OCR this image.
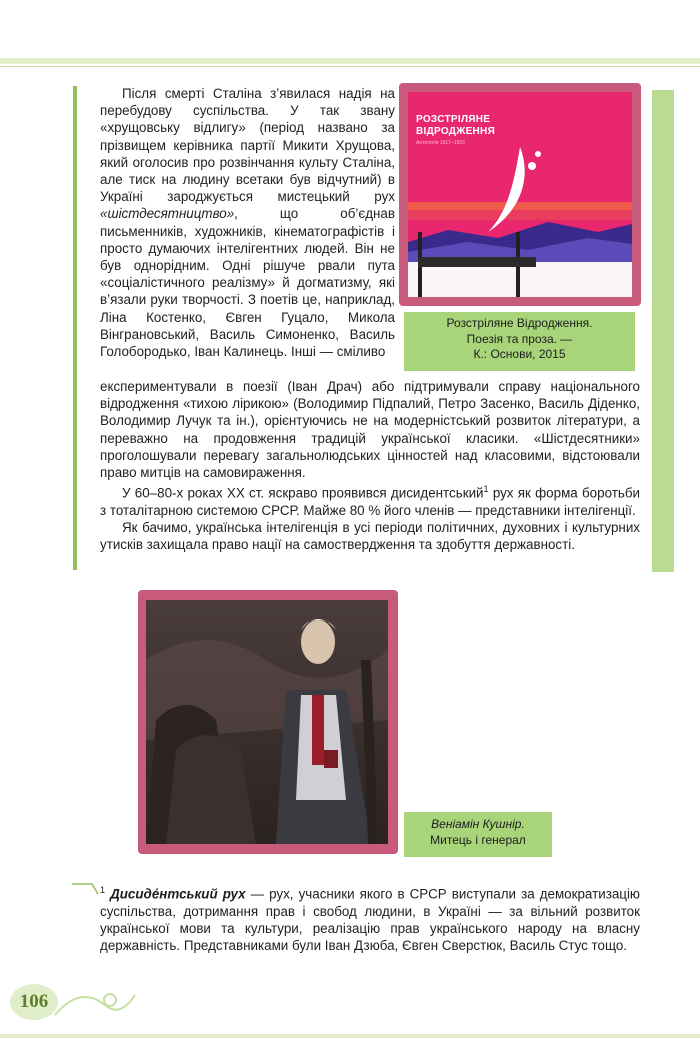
Після смерті Сталіна з’явилася надія на перебудову суспільства. У так звану «хрущовську відлигу» (період названо за прізвищем керівника партії Микити Хрущова, який оголосив про розвінчання культу Сталіна, але тиск на людину всетаки був відчутний) в Україні зароджується мистецький рух «шістдесятництво», що об’єднав письменників, художників, кінематографістів і просто думаючих інтелігентних людей. Він не був однорідним. Одні рішуче рвали пута «соціалістичного реалізму» й догматизму, які в’язали руки творчості. З поетів це, наприклад, Ліна Костенко, Євген Гуцало, Микола Вінграновський, Василь Симоненко, Василь Голобородько, Іван Калинець. Інші — сміливо

експериментували в поезії (Іван Драч) або підтримували справу національного відродження «тихою лірикою» (Володимир Підпалий, Петро Засенко, Василь Діденко, Володимир Лучук та ін.), орієнтуючись не на модерністський розвиток літератури, а переважно на продовження традицій української класики. «Шістдесятники» проголошували перевагу загальнолюдських цінностей над класовими, відстоювали право митців на самовираження.

У 60–80-х роках XX ст. яскраво проявився дисидентський$^1$ рух як форма боротьби з тоталітарною системою СРСР. Майже 80 % його членів — представники інтелігенції.

Як бачимо, українська інтелігенція в усі періоди політичних, духовних і культурних утисків захищала право нації на самоствердження та здобуття державності.

РОЗСТРІЛЯНЕ
ВІДРОДЖЕННЯ
Антологія 1917–1933
Розстріляне Відродження.
Поезія та проза. —
К.: Основи, 2015
Веніамін Кушнір.
Митець і генерал
$^1$ Дисиде́нтський рух — рух, учасники якого в СРСР виступали за демократизацію суспільства, дотримання прав і свобод людини, в Україні — за вільний розвиток української мови та культури, реалізацію прав українського народу на власну державність. Представниками були Іван Дзюба, Євген Сверстюк, Василь Стус тощо.
106
